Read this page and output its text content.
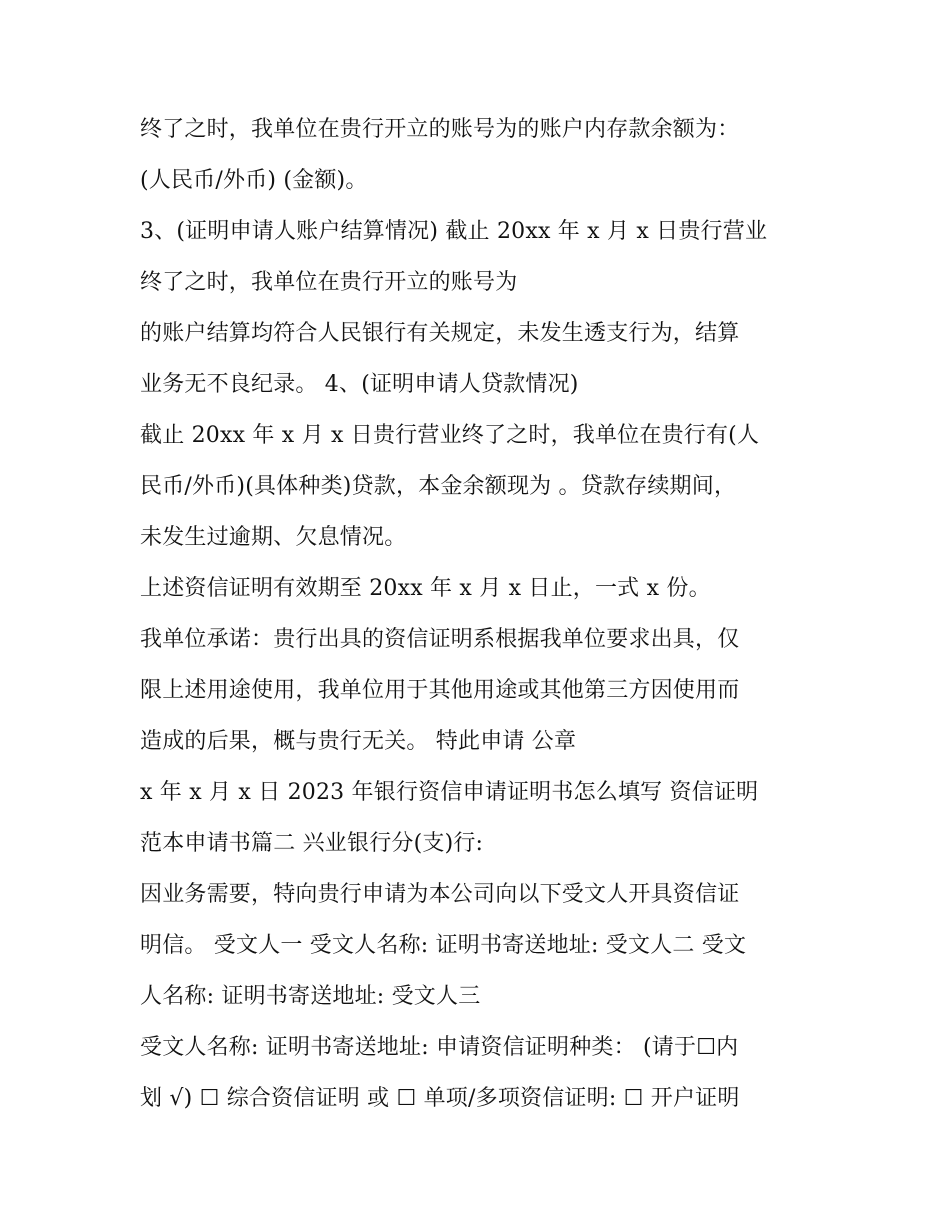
终了之时，我单位在贵行开立的账号为的账户内存款余额为：
(人民币/外币) (金额)。
3、(证明申请人账户结算情况) 截止 20xx 年 x 月 x 日贵行营业
终了之时，我单位在贵行开立的账号为
的账户结算均符合人民银行有关规定，未发生透支行为，结算
业务无不良纪录。 4、(证明申请人贷款情况)
截止 20xx 年 x 月 x 日贵行营业终了之时，我单位在贵行有(人
民币/外币)(具体种类)贷款，本金余额现为 。贷款存续期间，
未发生过逾期、欠息情况。
上述资信证明有效期至 20xx 年 x 月 x 日止，一式 x 份。
我单位承诺：贵行出具的资信证明系根据我单位要求出具，仅
限上述用途使用，我单位用于其他用途或其他第三方因使用而
造成的后果，概与贵行无关。 特此申请 公章
x 年 x 月 x 日 2023 年银行资信申请证明书怎么填写 资信证明
范本申请书篇二 兴业银行分(支)行:
因业务需要，特向贵行申请为本公司向以下受文人开具资信证
明信。 受文人一 受文人名称: 证明书寄送地址: 受文人二 受文
人名称: 证明书寄送地址: 受文人三
受文人名称: 证明书寄送地址: 申请资信证明种类： (请于☐内
划 √) ☐ 综合资信证明 或 ☐ 单项/多项资信证明: ☐ 开户证明
